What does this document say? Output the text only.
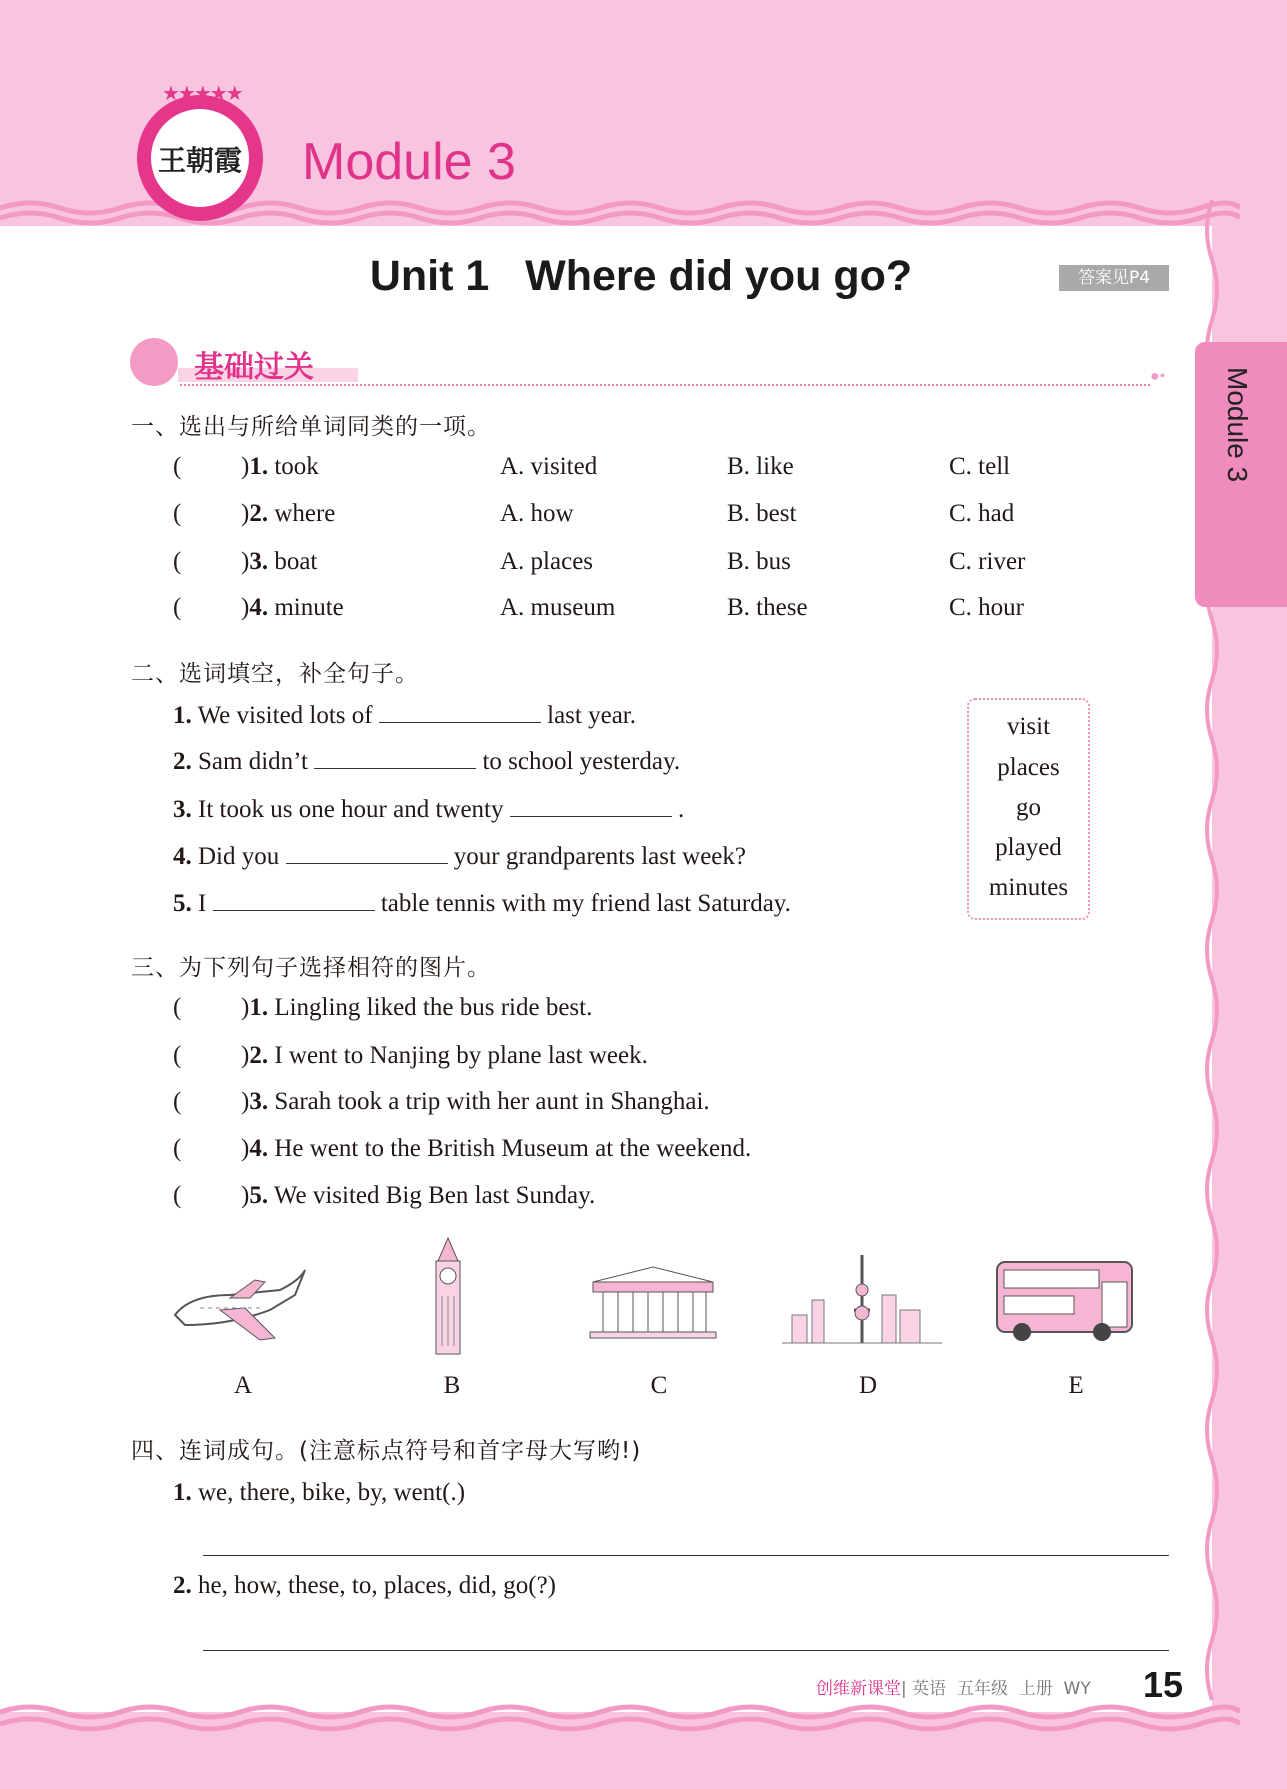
王朝霞
★★★★★
Module 3
Unit 1   Where did you go?	答案见P4
Module 3
基础过关	●•
一、选出与所给单词同类的一项。
( )1. took	A. visited	B. like	C. tell
( )2. where	A. how	B. best	C. had
( )3. boat	A. places	B. bus	C. river
( )4. minute	A. museum	B. these	C. hour
二、选词填空，补全句子。
1. We visited lots of	last year.
2. Sam didn’t	to school yesterday.
3. It took us one hour and twenty	.
4. Did you	your grandparents last week?
5. I	table tennis with my friend last Saturday.
visit
places
go
played
minutes
三、为下列句子选择相符的图片。
( )1. Lingling liked the bus ride best.
( )2. I went to Nanjing by plane last week.
( )3. Sarah took a trip with her aunt in Shanghai.
( )4. He went to the British Museum at the weekend.
( )5. We visited Big Ben last Sunday.
A	B	C	D	E
四、连词成句。(注意标点符号和首字母大写哟!)
1. we, there, bike, by, went(.)
2. he, how, these, to, places, did, go(?)
创维新课堂| 英语  五年级  上册  WY 15
